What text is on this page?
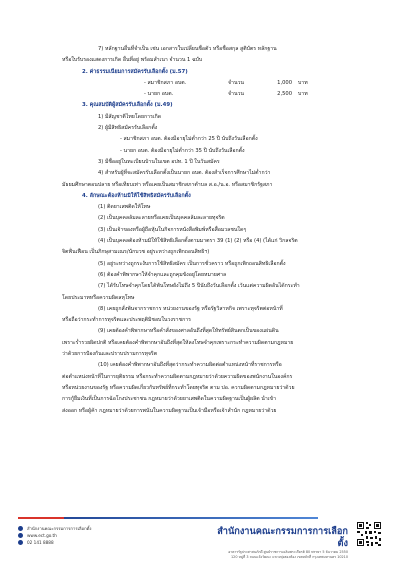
7) หลักฐานอื่นที่จำเป็น เช่น เอกสารใบเปลี่ยนชื่อตัว หรือชื่อสกุล สูติบัตร หลักฐาน
หรือใบรับรองแสดงการเกิด อื่นที่อยู่ พร้อมสำเนา จำนวน 1 ฉบับ
2. ค่าธรรมเนียมการสมัครรับเลือกตั้ง (ม.57)
- สมาชิกสภา อบต.	จำนวน	1,000	บาท
- นายก อบต.	จำนวน	2,500	บาท
3. คุณสมบัติผู้สมัครรับเลือกตั้ง (ม.49)
1) มีสัญชาติไทยโดยการเกิด
2) ผู้มีสิทธิสมัครรับเลือกตั้ง
- สมาชิกสภา อบต. ต้องมีอายุไม่ต่ำกว่า 25 ปี นับถึงวันเลือกตั้ง
- นายก อบต. ต้องมีอายุไม่ต่ำกว่า 35 ปี นับถึงวันเลือกตั้ง
3) มีชื่ออยู่ในทะเบียนบ้านในเขต อปท. 1 ปี ในวันสมัคร
4) สำหรับผู้ที่จะสมัครรับเลือกตั้งเป็นนายก อบต. ต้องสำเร็จการศึกษาไม่ต่ำกว่า
มัธยมศึกษาตอนปลาย หรือเทียบเท่า หรือเคยเป็นสมาชิกสภาตำบล ส.อ./น.อ. หรือสมาชิกรัฐสภา
4. ลักษณะต้องห้ามมิให้ใช้สิทธิสมัครรับเลือกตั้ง
(1) ติดยาเสพติดให้โทษ
(2) เป็นบุคคลล้มละลายหรือเคยเป็นบุคคลล้มละลายทุจริต
(3) เป็นเจ้าของหรือผู้ถือหุ้นในกิจการหนังสือพิมพ์หรือสื่อมวลชนใดๆ
(4) เป็นบุคคลต้องห้ามมิให้ใช้สิทธิเลือกตั้งตามมาตรา 39 (1) (2) หรือ (4) (ได้แก่ วิกลจริต
จิตฟั่นเฟือน เป็นภิกษุสามเณร/นักบวช อยู่ระหว่างถูกเพิกถอนสิทธิฯ)
(5) อยู่ระหว่างถูกระงับการใช้สิทธิสมัคร เป็นการชั่วคราว หรือถูกเพิกถอนสิทธิเลือกตั้ง
(6) ต้องคำพิพากษาให้จำคุกและถูกคุมขังอยู่โดยหมายศาล
(7) ได้รับโทษจำคุกโดยได้พ้นโทษยังไม่ถึง 5 ปีนับถึงวันเลือกตั้ง เว้นแต่ความผิดอันได้กระทำ
โดยประมาทหรือความผิดลหุโทษ
(8) เคยถูกสั่งพ้นจากราชการ หน่วยงานของรัฐ หรือรัฐวิสาหกิจ เพราะทุจริตต่อหน้าที่
หรือถือว่ากระทำการทุจริตและประพฤติมิชอบในวงราชการ
(9) เคยต้องคำพิพากษาหรือคำสั่งของศาลอันถึงที่สุดให้ทรัพย์สินตกเป็นของแผ่นดิน
เพราะร่ำรวยผิดปกติ หรือเคยต้องคำพิพากษาอันถึงที่สุดให้ลงโทษจำคุกเพราะกระทำความผิดตามกฎหมาย
ว่าด้วยการป้องกันและปราบปรามการทุจริต
(10) เคยต้องคำพิพากษาอันถึงที่สุดว่ากระทำความผิดต่อตำแหน่งหน้าที่ราชการหรือ
ต่อตำแหน่งหน้าที่ในการยุติธรรม หรือกระทำความผิดตามกฎหมายว่าด้วยความผิดของพนักงานในองค์กร
หรือหน่วยงานของรัฐ หรือความผิดเกี่ยวกับทรัพย์ที่กระทำโดยทุจริต ตาม ปอ. ความผิดตามกฎหมายว่าด้วย
การกู้ยืมเงินที่เป็นการฉ้อโกงประชาชน กฎหมายว่าด้วยยาเสพติดในความผิดฐานเป็นผู้ผลิต นำเข้า
ส่งออก หรือผู้ค้า กฎหมายว่าด้วยการพนันในความผิดฐานเป็นเจ้ามือหรือเจ้าสำนัก กฎหมายว่าด้วย
สำนักงานคณะกรรมการการเลือกตั้ง
www.ect.go.th
02 141 8888
สำนักงานคณะกรรมการการเลือกตั้ง
อาคารรัฐประศาสนภักดี ศูนย์ราชการเฉลิมพระเกียรติ 80 พรรษา 5 ธันวาคม 2550
120 หมู่ที่ 3 ถนนแจ้งวัฒนะ แขวงทุ่งสองห้อง เขตหลักสี่ กรุงเทพมหานคร 10210
